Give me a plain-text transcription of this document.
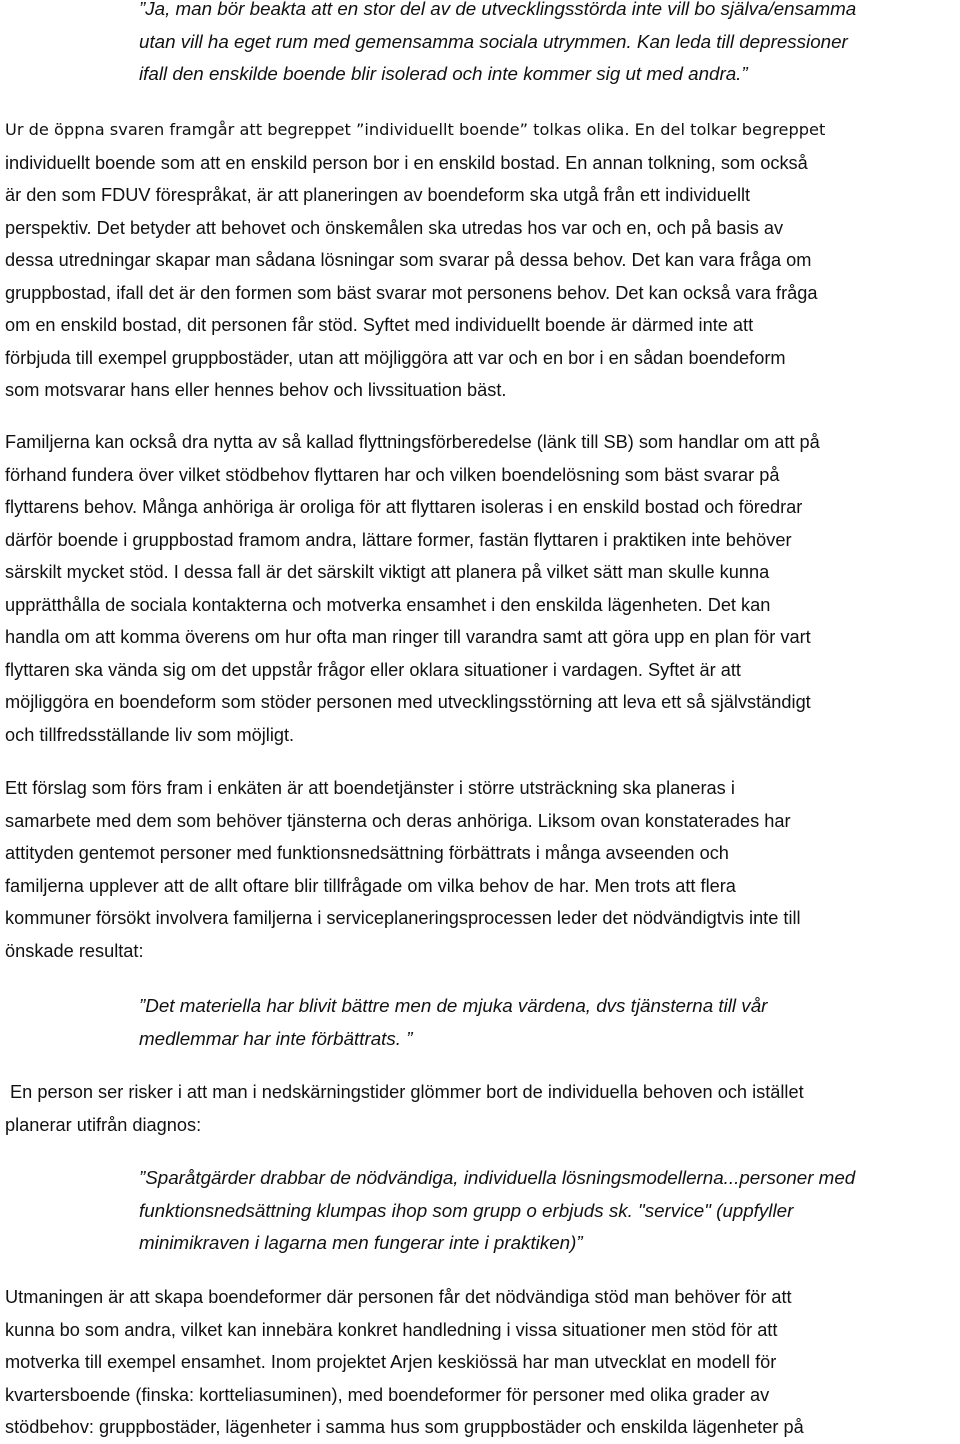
”Ja, man bör beakta att en stor del av de utvecklingsstörda inte vill bo själva/ensamma
utan vill ha eget rum med gemensamma sociala utrymmen. Kan leda till depressioner
ifall den enskilde boende blir isolerad och inte kommer sig ut med andra.”
Ur de öppna svaren framgår att begreppet ”individuellt boende” tolkas olika. En del tolkar begreppet
individuellt boende som att en enskild person bor i en enskild bostad. En annan tolkning, som också
är den som FDUV förespråkat, är att planeringen av boendeform ska utgå från ett individuellt
perspektiv. Det betyder att behovet och önskemålen ska utredas hos var och en, och på basis av
dessa utredningar skapar man sådana lösningar som svarar på dessa behov. Det kan vara fråga om
gruppbostad, ifall det är den formen som bäst svarar mot personens behov. Det kan också vara fråga
om en enskild bostad, dit personen får stöd. Syftet med individuellt boende är därmed inte att
förbjuda till exempel gruppbostäder, utan att möjliggöra att var och en bor i en sådan boendeform
som motsvarar hans eller hennes behov och livssituation bäst.
Familjerna kan också dra nytta av så kallad flyttningsförberedelse (länk till SB) som handlar om att på
förhand fundera över vilket stödbehov flyttaren har och vilken boendelösning som bäst svarar på
flyttarens behov. Många anhöriga är oroliga för att flyttaren isoleras i en enskild bostad och föredrar
därför boende i gruppbostad framom andra, lättare former, fastän flyttaren i praktiken inte behöver
särskilt mycket stöd. I dessa fall är det särskilt viktigt att planera på vilket sätt man skulle kunna
upprätthålla de sociala kontakterna och motverka ensamhet i den enskilda lägenheten. Det kan
handla om att komma överens om hur ofta man ringer till varandra samt att göra upp en plan för vart
flyttaren ska vända sig om det uppstår frågor eller oklara situationer i vardagen. Syftet är att
möjliggöra en boendeform som stöder personen med utvecklingsstörning att leva ett så självständigt
och tillfredsställande liv som möjligt.
Ett förslag som förs fram i enkäten är att boendetjänster i större utsträckning ska planeras i
samarbete med dem som behöver tjänsterna och deras anhöriga. Liksom ovan konstaterades har
attityden gentemot personer med funktionsnedsättning förbättrats i många avseenden och
familjerna upplever att de allt oftare blir tillfrågade om vilka behov de har. Men trots att flera
kommuner försökt involvera familjerna i serviceplaneringsprocessen leder det nödvändigtvis inte till
önskade resultat:
”Det materiella har blivit bättre men de mjuka värdena, dvs tjänsterna till vår
medlemmar har inte förbättrats. ”
En person ser risker i att man i nedskärningstider glömmer bort de individuella behoven och istället
planerar utifrån diagnos:
”Sparåtgärder drabbar de nödvändiga, individuella lösningsmodellerna...personer med
funktionsnedsättning klumpas ihop som grupp o erbjuds sk. "service" (uppfyller
minimikraven i lagarna men fungerar inte i praktiken)”
Utmaningen är att skapa boendeformer där personen får det nödvändiga stöd man behöver för att
kunna bo som andra, vilket kan innebära konkret handledning i vissa situationer men stöd för att
motverka till exempel ensamhet. Inom projektet Arjen keskiössä har man utvecklat en modell för
kvartersboende (finska: kortteliasuminen), med boendeformer för personer med olika grader av
stödbehov: gruppbostäder, lägenheter i samma hus som gruppbostäder och enskilda lägenheter på
